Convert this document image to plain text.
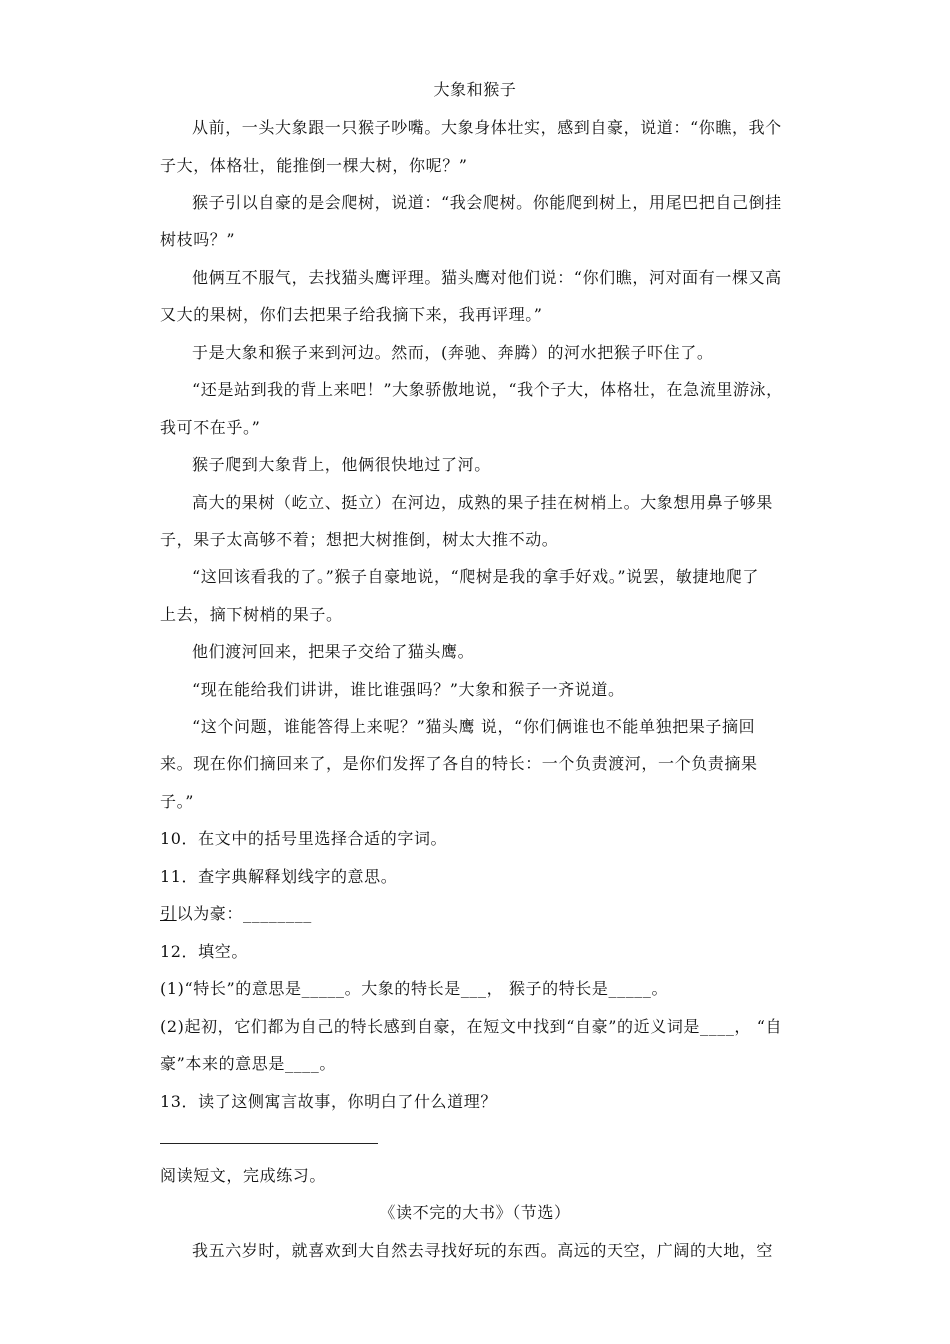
大象和猴子
从前，一头大象跟一只猴子吵嘴。大象身体壮实，感到自豪，说道：“你瞧，我个
子大，体格壮，能推倒一棵大树，你呢？”
猴子引以自豪的是会爬树，说道：“我会爬树。你能爬到树上，用尾巴把自己倒挂
树枝吗？”
他俩互不服气，去找猫头鹰评理。猫头鹰对他们说：“你们瞧，河对面有一棵又高
又大的果树，你们去把果子给我摘下来，我再评理。”
于是大象和猴子来到河边。然而，(奔驰、奔腾）的河水把猴子吓住了。
“还是站到我的背上来吧！”大象骄傲地说，“我个子大，体格壮，在急流里游泳，
我可不在乎。”
猴子爬到大象背上，他俩很快地过了河。
高大的果树（屹立、挺立）在河边，成熟的果子挂在树梢上。大象想用鼻子够果
子，果子太高够不着；想把大树推倒，树太大推不动。
“这回该看我的了。”猴子自豪地说，“爬树是我的拿手好戏。”说罢，敏捷地爬了
上去，摘下树梢的果子。
他们渡河回来，把果子交给了猫头鹰。
“现在能给我们讲讲，谁比谁强吗？”大象和猴子一齐说道。
“这个问题，谁能答得上来呢？”猫头鹰 说，“你们俩谁也不能单独把果子摘回
来。现在你们摘回来了，是你们发挥了各自的特长：一个负责渡河，一个负责摘果
子。”
10．在文中的括号里选择合适的字词。
11．查字典解释划线字的意思。
引以为豪：________
12．填空。
(1)“特长”的意思是_____。大象的特长是___， 猴子的特长是_____。
(2)起初，它们都为自己的特长感到自豪，在短文中找到“自豪”的近义词是____， “自
豪”本来的意思是____。
13．读了这侧寓言故事，你明白了什么道理？
阅读短文，完成练习。
《读不完的大书》（节选）
我五六岁时，就喜欢到大自然去寻找好玩的东西。高远的天空，广阔的大地，空
